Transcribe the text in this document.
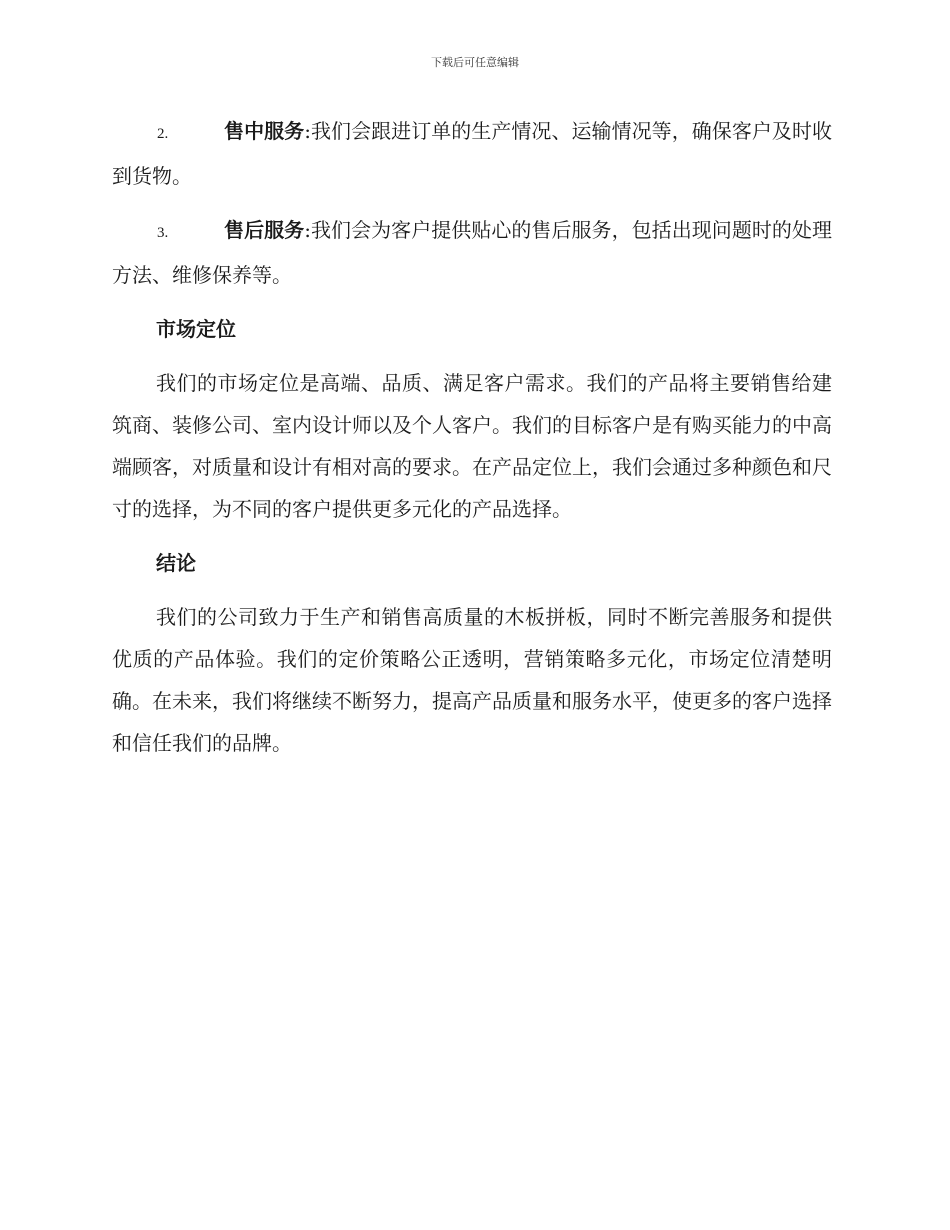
下载后可任意编辑

2.	售中服务:我们会跟进订单的生产情况、运输情况等，确保客户及时收到货物。

3.	售后服务:我们会为客户提供贴心的售后服务，包括出现问题时的处理方法、维修保养等。

市场定位

我们的市场定位是高端、品质、满足客户需求。我们的产品将主要销售给建筑商、装修公司、室内设计师以及个人客户。我们的目标客户是有购买能力的中高端顾客，对质量和设计有相对高的要求。在产品定位上，我们会通过多种颜色和尺寸的选择，为不同的客户提供更多元化的产品选择。

结论

我们的公司致力于生产和销售高质量的木板拼板，同时不断完善服务和提供优质的产品体验。我们的定价策略公正透明，营销策略多元化，市场定位清楚明确。在未来，我们将继续不断努力，提高产品质量和服务水平，使更多的客户选择和信任我们的品牌。
